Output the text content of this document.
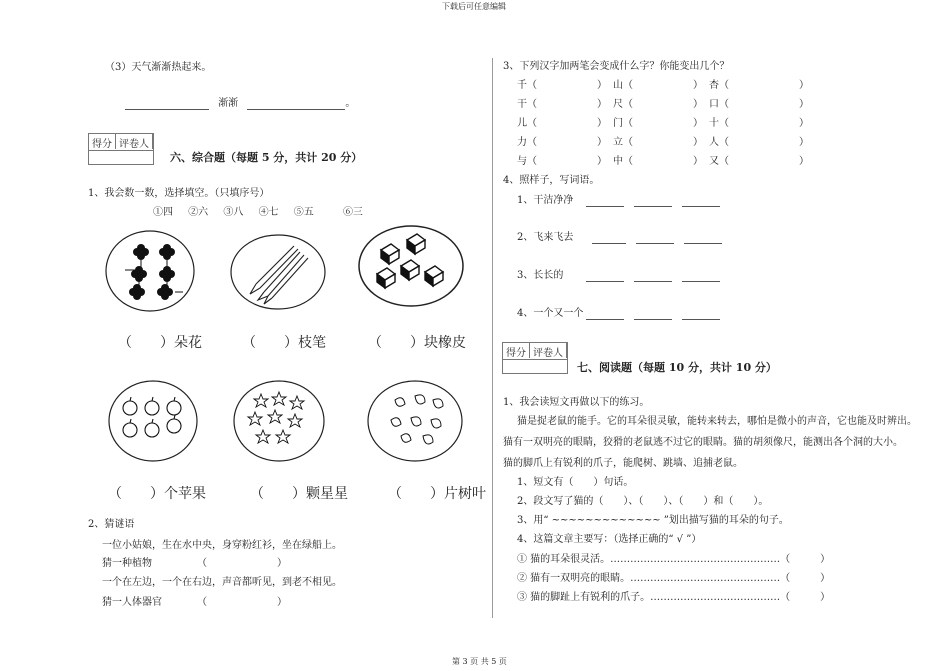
下载后可任意编辑
第 3 页 共 5 页
（3）天气渐渐热起来。
渐渐	。
得分 评卷人
六、综合题（每题 5 分，共计 20 分）
1、我会数一数，选择填空。（只填序号）
①四 ②六 ③八 ④七 ⑤五	⑥三
（　　）朵花	（　　）枝笔	（　　）块橡皮
（　　）个苹果	（　　）颗星星	（　　）片树叶
2、猜谜语
一位小姑娘，生在水中央，身穿粉红衫，坐在绿船上。
猜一种植物　　　　　（　　　　　　　）
一个在左边，一个在右边，声音都听见，到老不相见。
猜一人体器官　　　　（　　　　　　　）
3、下列汉字加两笔会变成什么字？你能变出几个？
千（　　　　　　） 山（　　　　　　） 杏（　　　　　　　）
干（　　　　　　） 尺（　　　　　　） 口（　　　　　　　）
儿（　　　　　　） 门（　　　　　　） 十（　　　　　　　）
力（　　　　　　） 立（　　　　　　） 人（　　　　　　　）
与（　　　　　　） 中（　　　　　　） 又（　　　　　　　）
4、照样子，写词语。
1、干洁净净
2、飞来飞去
3、长长的
4、一个又一个
得分 评卷人
七、阅读题（每题 10 分，共计 10 分）
1、我会读短文再做以下的练习。
猫是捉老鼠的能手。它的耳朵很灵敏，能转来转去，哪怕是微小的声音，它也能及时辨出。
猫有一双明亮的眼睛，狡猾的老鼠逃不过它的眼睛。猫的胡须像尺，能测出各个洞的大小。
猫的脚爪上有锐利的爪子，能爬树、跳墙、追捕老鼠。
1、短文有（　　）句话。
2、段文写了猫的（　　）、（　　）、（　　）和（　　）。
3、用“ ~~~~~~~~~~~~~ ”划出描写猫的耳朵的句子。
4、这篇文章主要写：（选择正确的“ √ ”）
① 猫的耳朵很灵活。……………………………………………（　　　）
② 猫有一双明亮的眼睛。………………………………………（　　　）
③ 猫的脚趾上有锐利的爪子。…………………………………（　　　）
